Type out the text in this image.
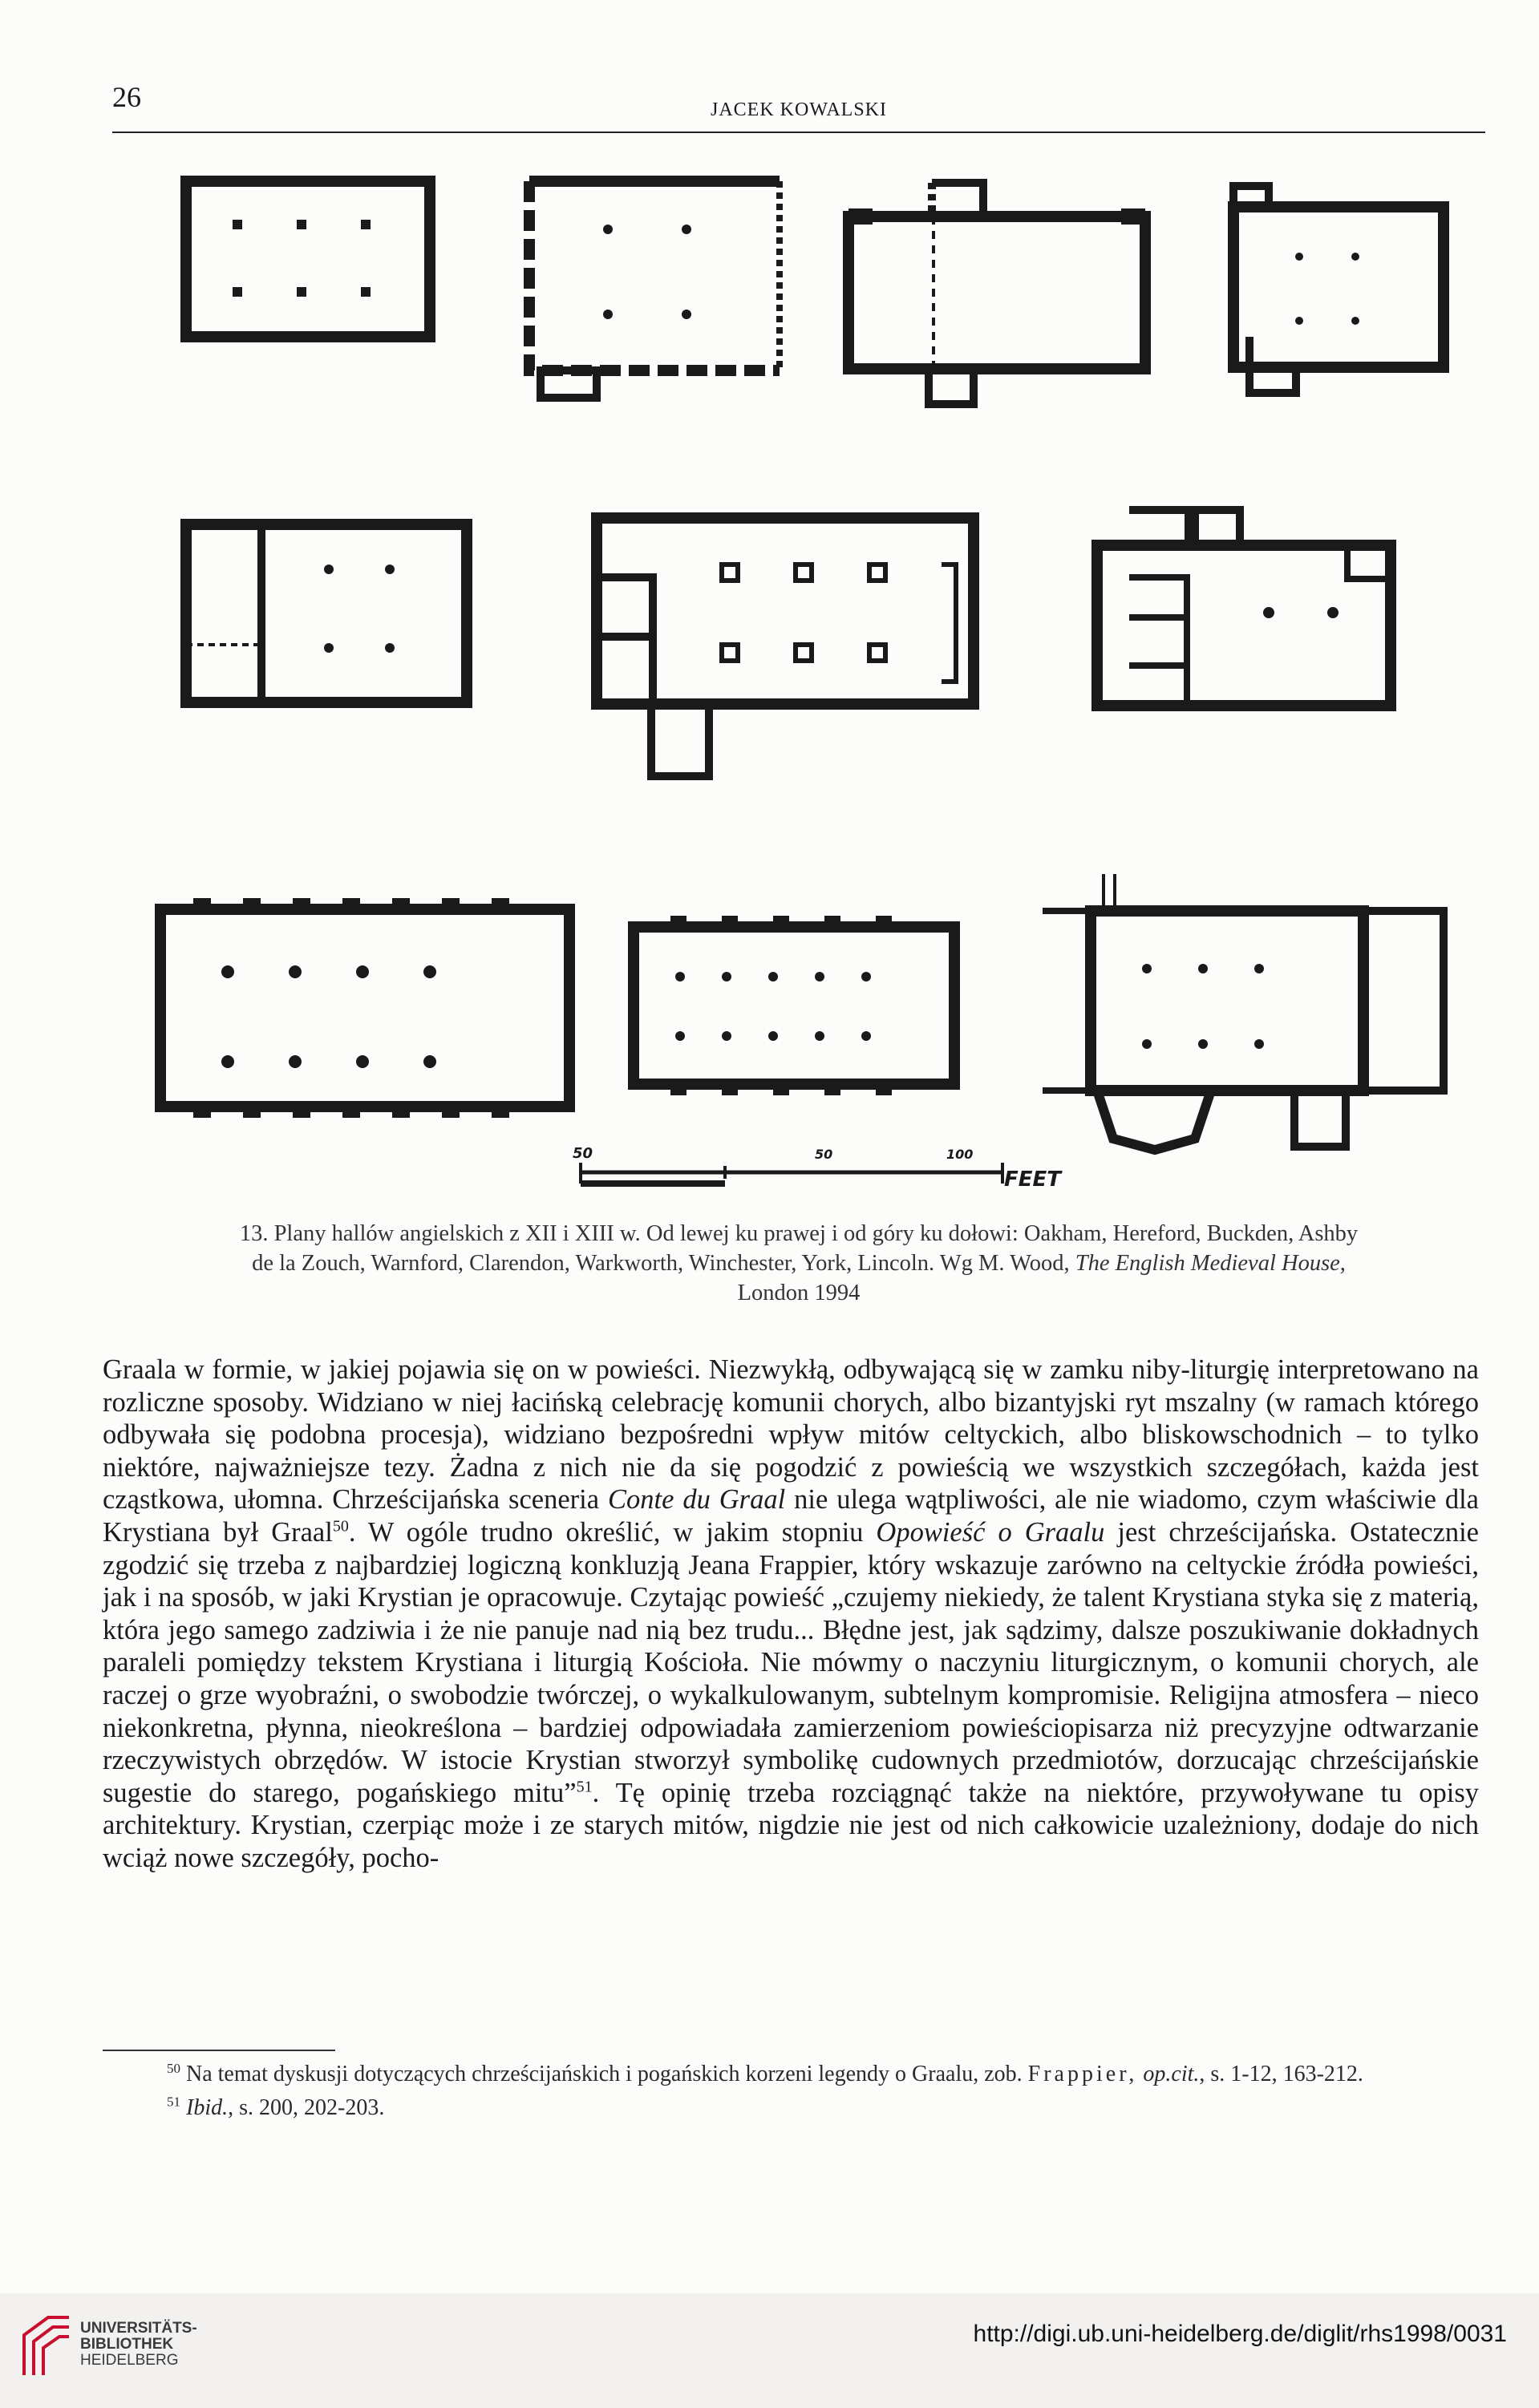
26	JACEK KOWALSKI
50	50	100
FEET
13. Plany hallów angielskich z XII i XIII w. Od lewej ku prawej i od góry ku dołowi: Oakham, Hereford, Buckden, Ashby
de la Zouch, Warnford, Clarendon, Warkworth, Winchester, York, Lincoln. Wg M. Wood, The English Medieval House,
London 1994
Graala w formie, w jakiej pojawia się on w powieści. Niezwykłą, odbywającą się w zamku niby-liturgię interpretowano na rozliczne sposoby. Widziano w niej łacińską celebrację komunii chorych, albo bizantyjski ryt mszalny (w ramach którego odbywała się podobna procesja), widziano bezpośredni wpływ mitów celtyckich, albo bliskowschodnich – to tylko niektóre, najważniejsze tezy. Żadna z nich nie da się pogodzić z powieścią we wszystkich szczegółach, każda jest cząstkowa, ułomna. Chrześcijańska sceneria Conte du Graal nie ulega wątpliwości, ale nie wiadomo, czym właściwie dla Krystiana był Graal$^{50}$. W ogóle trudno określić, w jakim stopniu Opowieść o Graalu jest chrześcijańska. Ostatecznie zgodzić się trzeba z najbardziej logiczną konkluzją Jeana Frappier, który wskazuje zarówno na celtyckie źródła powieści, jak i na sposób, w jaki Krystian je opracowuje. Czytając powieść „czujemy niekiedy, że talent Krystiana styka się z materią, która jego samego zadziwia i że nie panuje nad nią bez trudu... Błędne jest, jak sądzimy, dalsze poszukiwanie dokładnych paraleli pomiędzy tekstem Krystiana i liturgią Kościoła. Nie mówmy o naczyniu liturgicznym, o komunii chorych, ale raczej o grze wyobraźni, o swobodzie twórczej, o wykalkulowanym, subtelnym kompromisie. Religijna atmosfera – nieco niekonkretna, płynna, nieokreślona – bardziej odpowiadała zamierzeniom powieściopisarza niż precyzyjne odtwarzanie rzeczywistych obrzędów. W istocie Krystian stworzył symbolikę cudownych przedmiotów, dorzucając chrześcijańskie sugestie do starego, pogańskiego mitu”$^{51}$. Tę opinię trzeba rozciągnąć także na niektóre, przywoływane tu opisy architektury. Krystian, czerpiąc może i ze starych mitów, nigdzie nie jest od nich całkowicie uzależniony, dodaje do nich wciąż nowe szczegóły, pocho-
$^{50}$ Na temat dyskusji dotyczących chrześcijańskich i pogańskich korzeni legendy o Graalu, zob. Frappier, op.cit., s. 1-12, 163-212.
$^{51}$ Ibid., s. 200, 202-203.
UNIVERSITÄTS-
BIBLIOTHEK
HEIDELBERG
http://digi.ub.uni-heidelberg.de/diglit/rhs1998/0031
